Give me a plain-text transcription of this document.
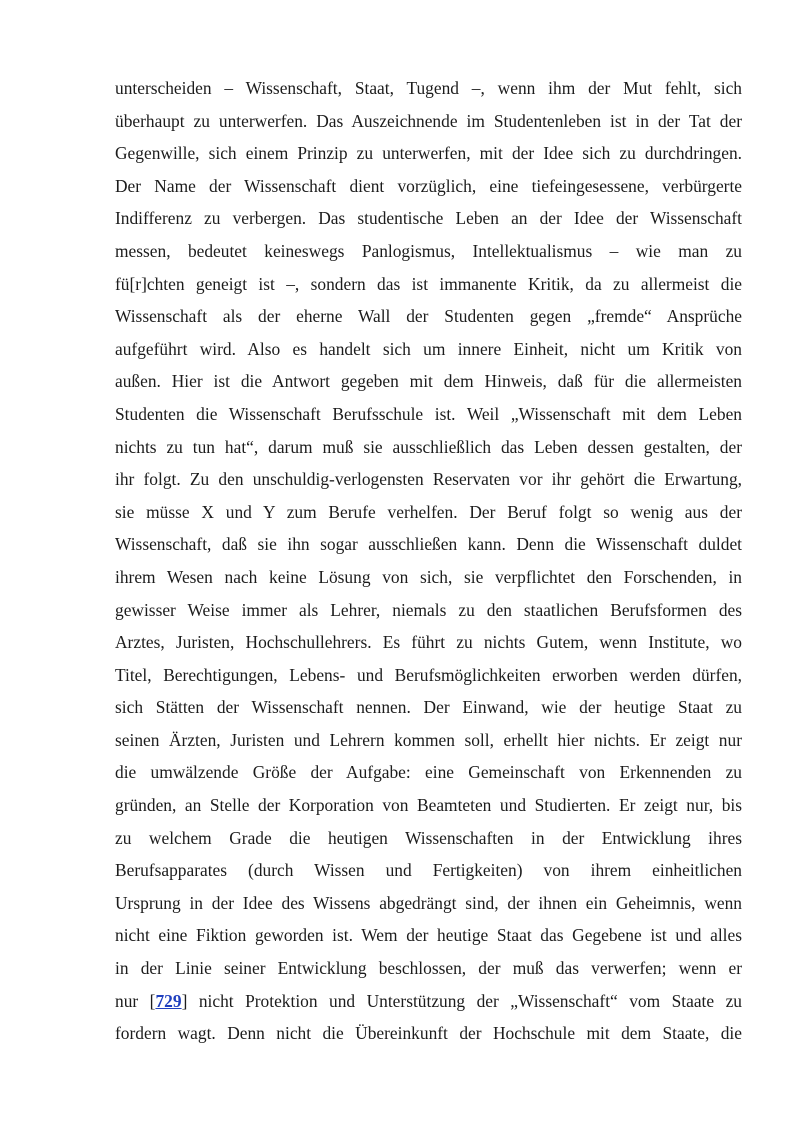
unterscheiden – Wissenschaft, Staat, Tugend –, wenn ihm der Mut fehlt, sich
überhaupt zu unterwerfen. Das Auszeichnende im Studentenleben ist in der Tat der
Gegenwille, sich einem Prinzip zu unterwerfen, mit der Idee sich zu durchdringen.
Der Name der Wissenschaft dient vorzüglich, eine tiefeingesessene, verbürgerte
Indifferenz zu verbergen. Das studentische Leben an der Idee der Wissenschaft
messen, bedeutet keineswegs Panlogismus, Intellektualismus – wie man zu
fü[r]chten geneigt ist –, sondern das ist immanente Kritik, da zu allermeist die
Wissenschaft als der eherne Wall der Studenten gegen „fremde“ Ansprüche
aufgeführt wird. Also es handelt sich um innere Einheit, nicht um Kritik von
außen. Hier ist die Antwort gegeben mit dem Hinweis, daß für die allermeisten
Studenten die Wissenschaft Berufsschule ist. Weil „Wissenschaft mit dem Leben
nichts zu tun hat“, darum muß sie ausschließlich das Leben dessen gestalten, der
ihr folgt. Zu den unschuldig-verlogensten Reservaten vor ihr gehört die Erwartung,
sie müsse X und Y zum Berufe verhelfen. Der Beruf folgt so wenig aus der
Wissenschaft, daß sie ihn sogar ausschließen kann. Denn die Wissenschaft duldet
ihrem Wesen nach keine Lösung von sich, sie verpflichtet den Forschenden, in
gewisser Weise immer als Lehrer, niemals zu den staatlichen Berufsformen des
Arztes, Juristen, Hochschullehrers. Es führt zu nichts Gutem, wenn Institute, wo
Titel, Berechtigungen, Lebens- und Berufsmöglichkeiten erworben werden dürfen,
sich Stätten der Wissenschaft nennen. Der Einwand, wie der heutige Staat zu
seinen Ärzten, Juristen und Lehrern kommen soll, erhellt hier nichts. Er zeigt nur
die umwälzende Größe der Aufgabe: eine Gemeinschaft von Erkennenden zu
gründen, an Stelle der Korporation von Beamteten und Studierten. Er zeigt nur, bis
zu welchem Grade die heutigen Wissenschaften in der Entwicklung ihres
Berufsapparates (durch Wissen und Fertigkeiten) von ihrem einheitlichen
Ursprung in der Idee des Wissens abgedrängt sind, der ihnen ein Geheimnis, wenn
nicht eine Fiktion geworden ist. Wem der heutige Staat das Gegebene ist und alles
in der Linie seiner Entwicklung beschlossen, der muß das verwerfen; wenn er
nur [729] nicht Protektion und Unterstützung der „Wissenschaft“ vom Staate zu
fordern wagt. Denn nicht die Übereinkunft der Hochschule mit dem Staate, die
